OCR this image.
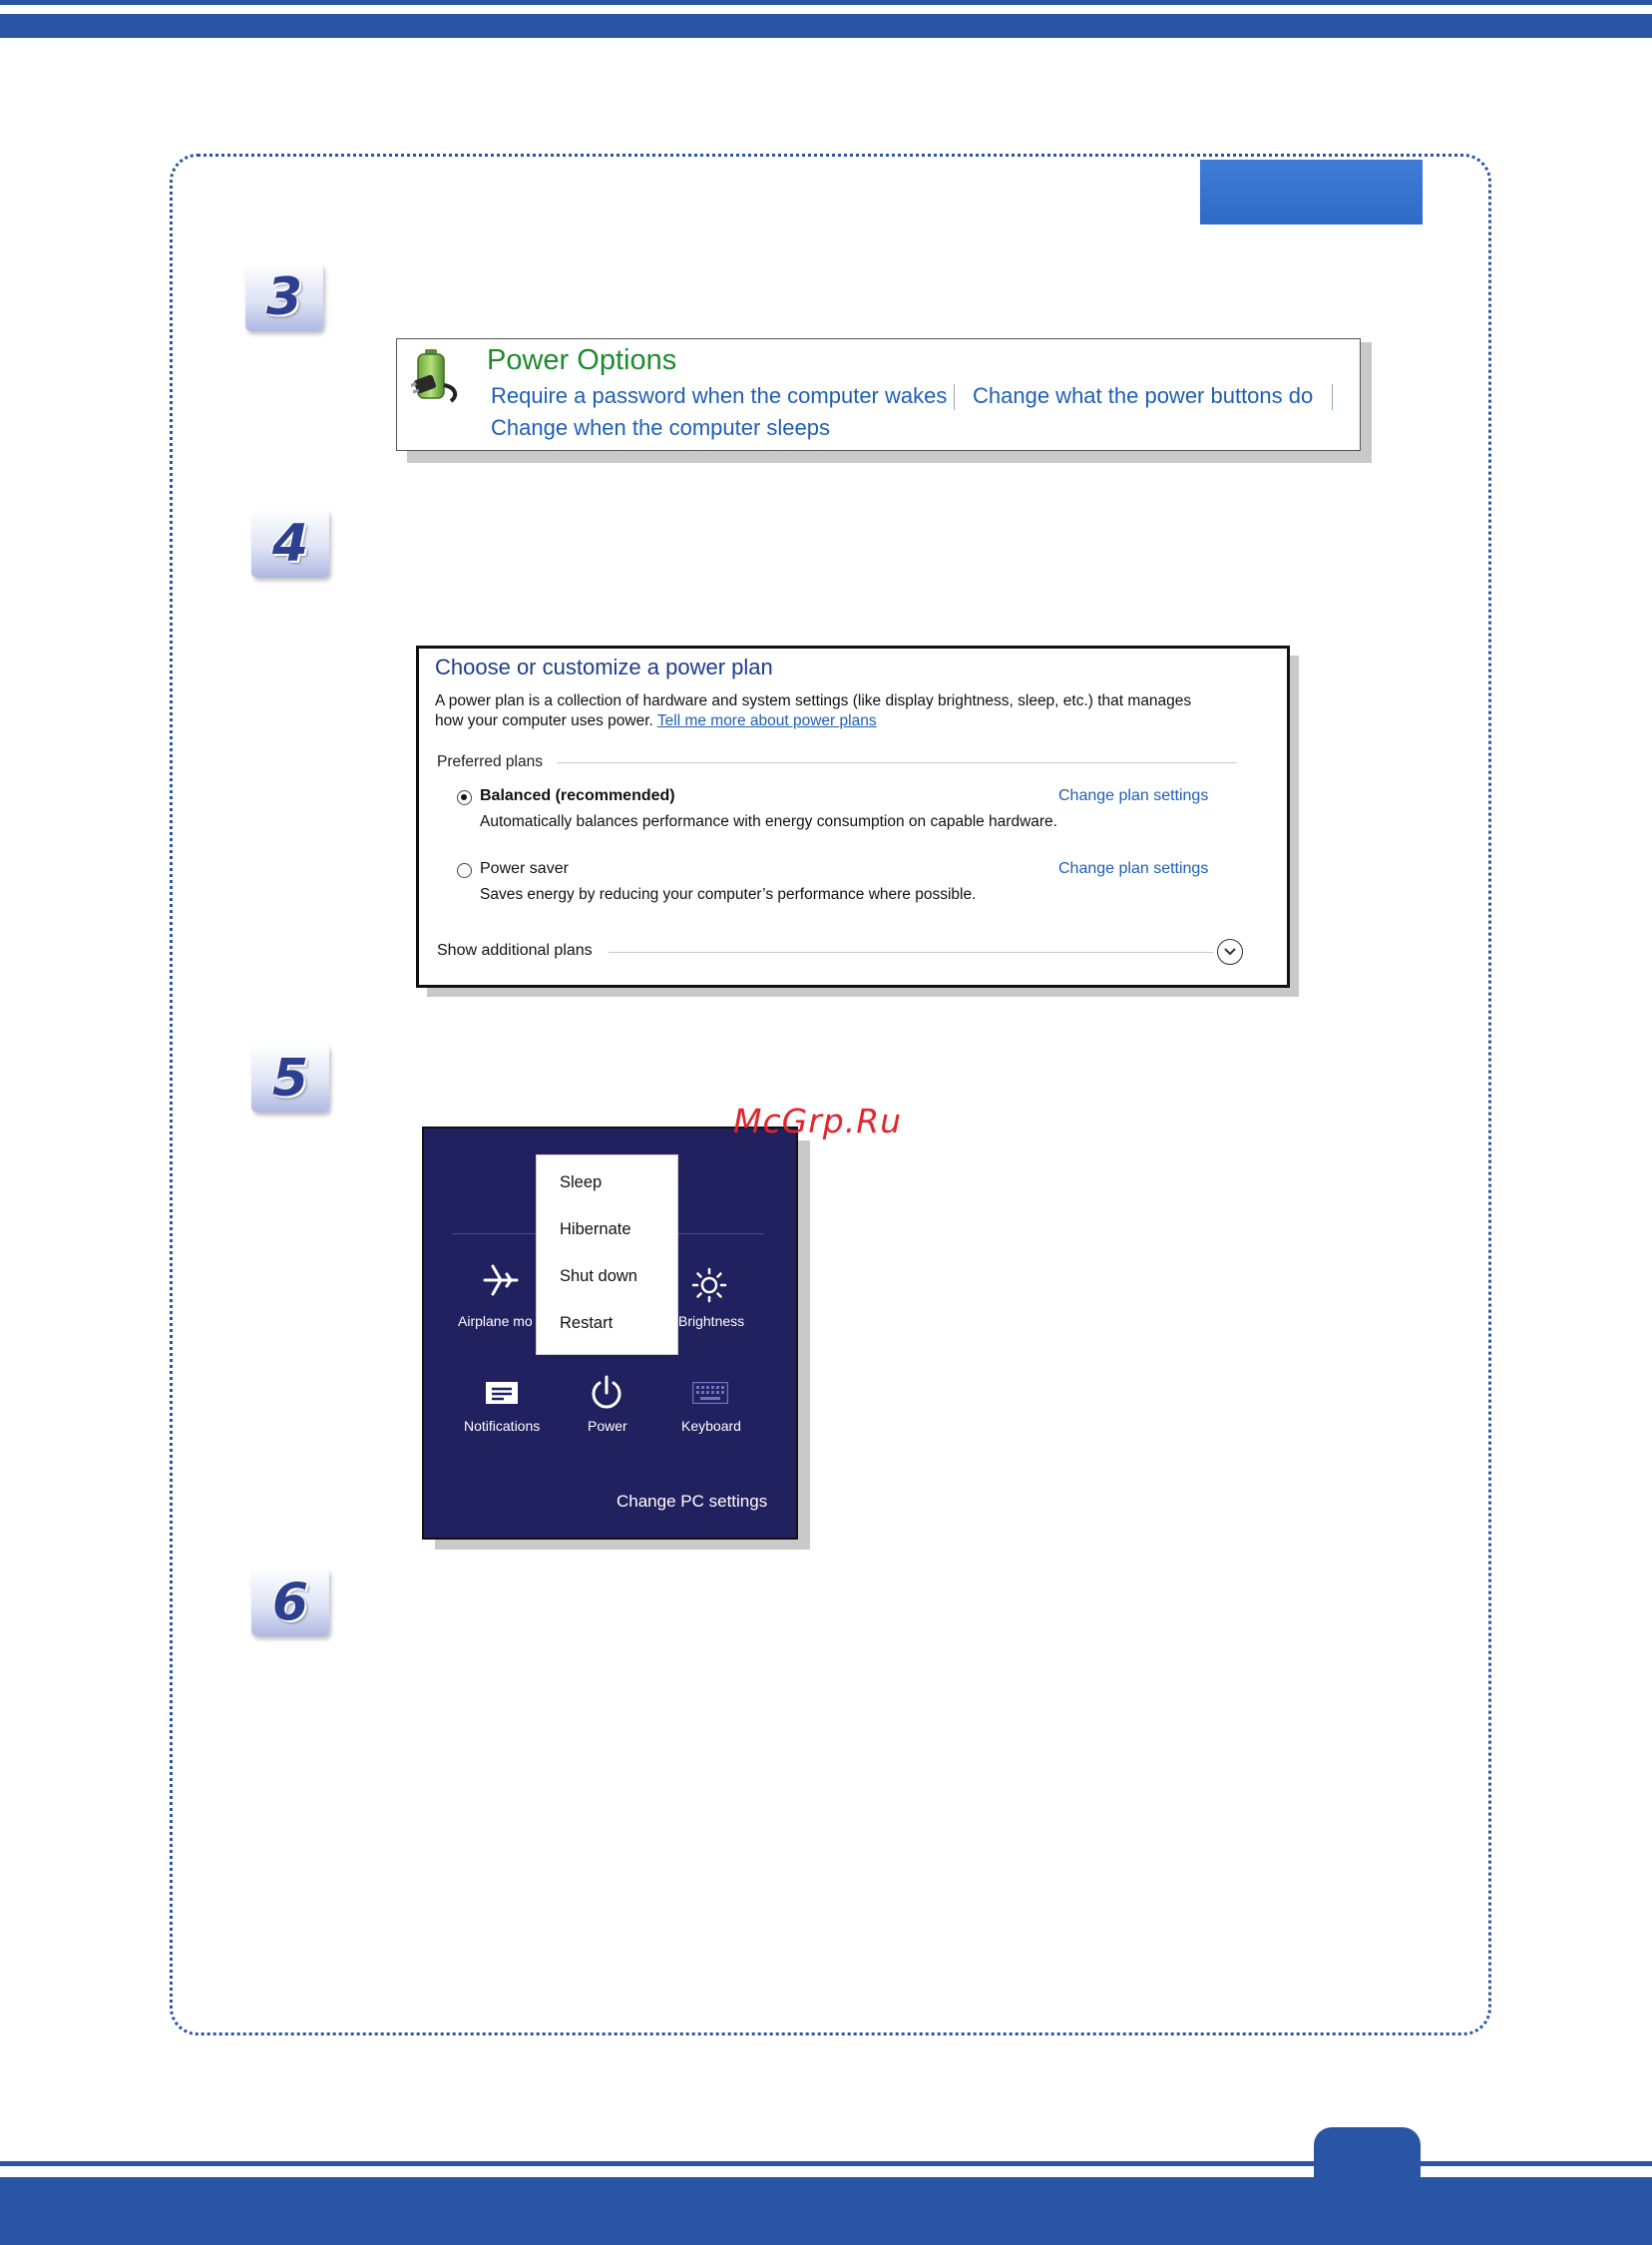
3
4
5
6
Power Options
Require a password when the computer wakes Change what the power buttons do
Change when the computer sleeps
Choose or customize a power plan
A power plan is a collection of hardware and system settings (like display brightness, sleep, etc.) that manages
how your computer uses power. Tell me more about power plans
Preferred plans
Balanced (recommended)
Automatically balances performance with energy consumption on capable hardware.
Change plan settings
Power saver
Saves energy by reducing your computer’s performance where possible.
Change plan settings
Show additional plans
Airplane mo	Brightness
Notifications	Power	Keyboard
Change PC settings
Sleep
Hibernate
Shut down
Restart
McGrp.Ru
